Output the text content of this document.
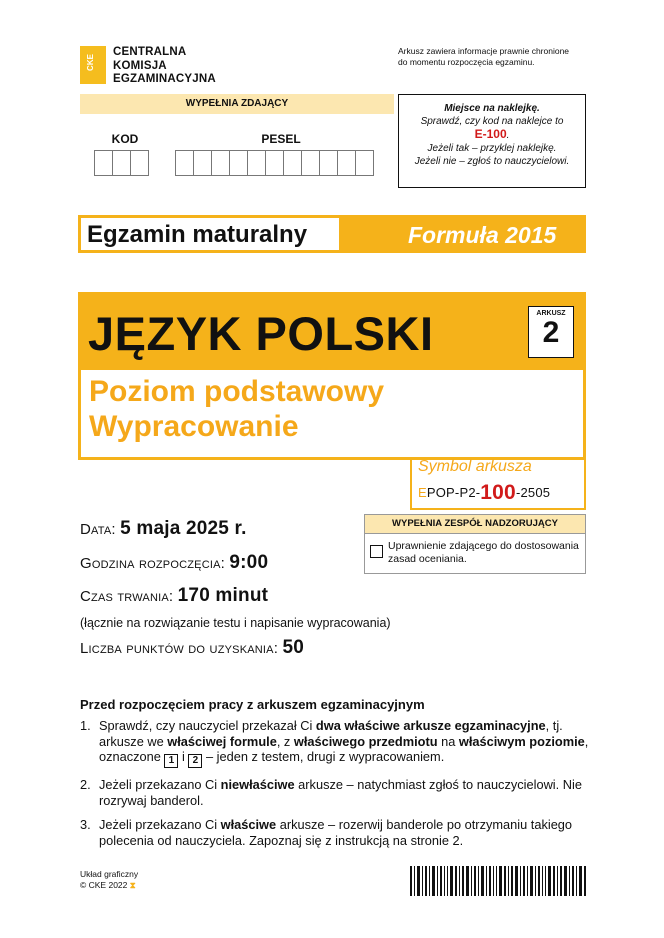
CKE
CENTRALNA
KOMISJA
EGZAMINACYJNA
Arkusz zawiera informacje prawnie chronione
do momentu rozpoczęcia egzaminu.
WYPEŁNIA ZDAJĄCY
KOD	PESEL
Miejsce na naklejkę.
Sprawdź, czy kod na naklejce to
E-100.
Jeżeli tak – przyklej naklejkę.
Jeżeli nie – zgłoś to nauczycielowi.
Egzamin maturalny	Formuła 2015
JĘZYK POLSKI	ARKUSZ
2
Poziom podstawowy
Wypracowanie
Symbol arkusza
EPOP-P2-100-2505
Data: 5 maja 2025 r.
Godzina rozpoczęcia: 9:00
Czas trwania: 170 minut
(łącznie na rozwiązanie testu i napisanie wypracowania)
Liczba punktów do uzyskania: 50
WYPEŁNIA ZESPÓŁ NADZORUJĄCY
Uprawnienie zdającego do dostosowania zasad oceniania.
Przed rozpoczęciem pracy z arkuszem egzaminacyjnym
1. Sprawdź, czy nauczyciel przekazał Ci dwa właściwe arkusze egzaminacyjne, tj. arkusze we właściwej formule, z właściwego przedmiotu na właściwym poziomie, oznaczone 1 i 2 – jeden z testem, drugi z wypracowaniem.
2. Jeżeli przekazano Ci niewłaściwe arkusze – natychmiast zgłoś to nauczycielowi. Nie rozrywaj banderol.
3. Jeżeli przekazano Ci właściwe arkusze – rozerwij banderole po otrzymaniu takiego polecenia od nauczyciela. Zapoznaj się z instrukcją na stronie 2.
Układ graficzny
© CKE 2022 ⧗
